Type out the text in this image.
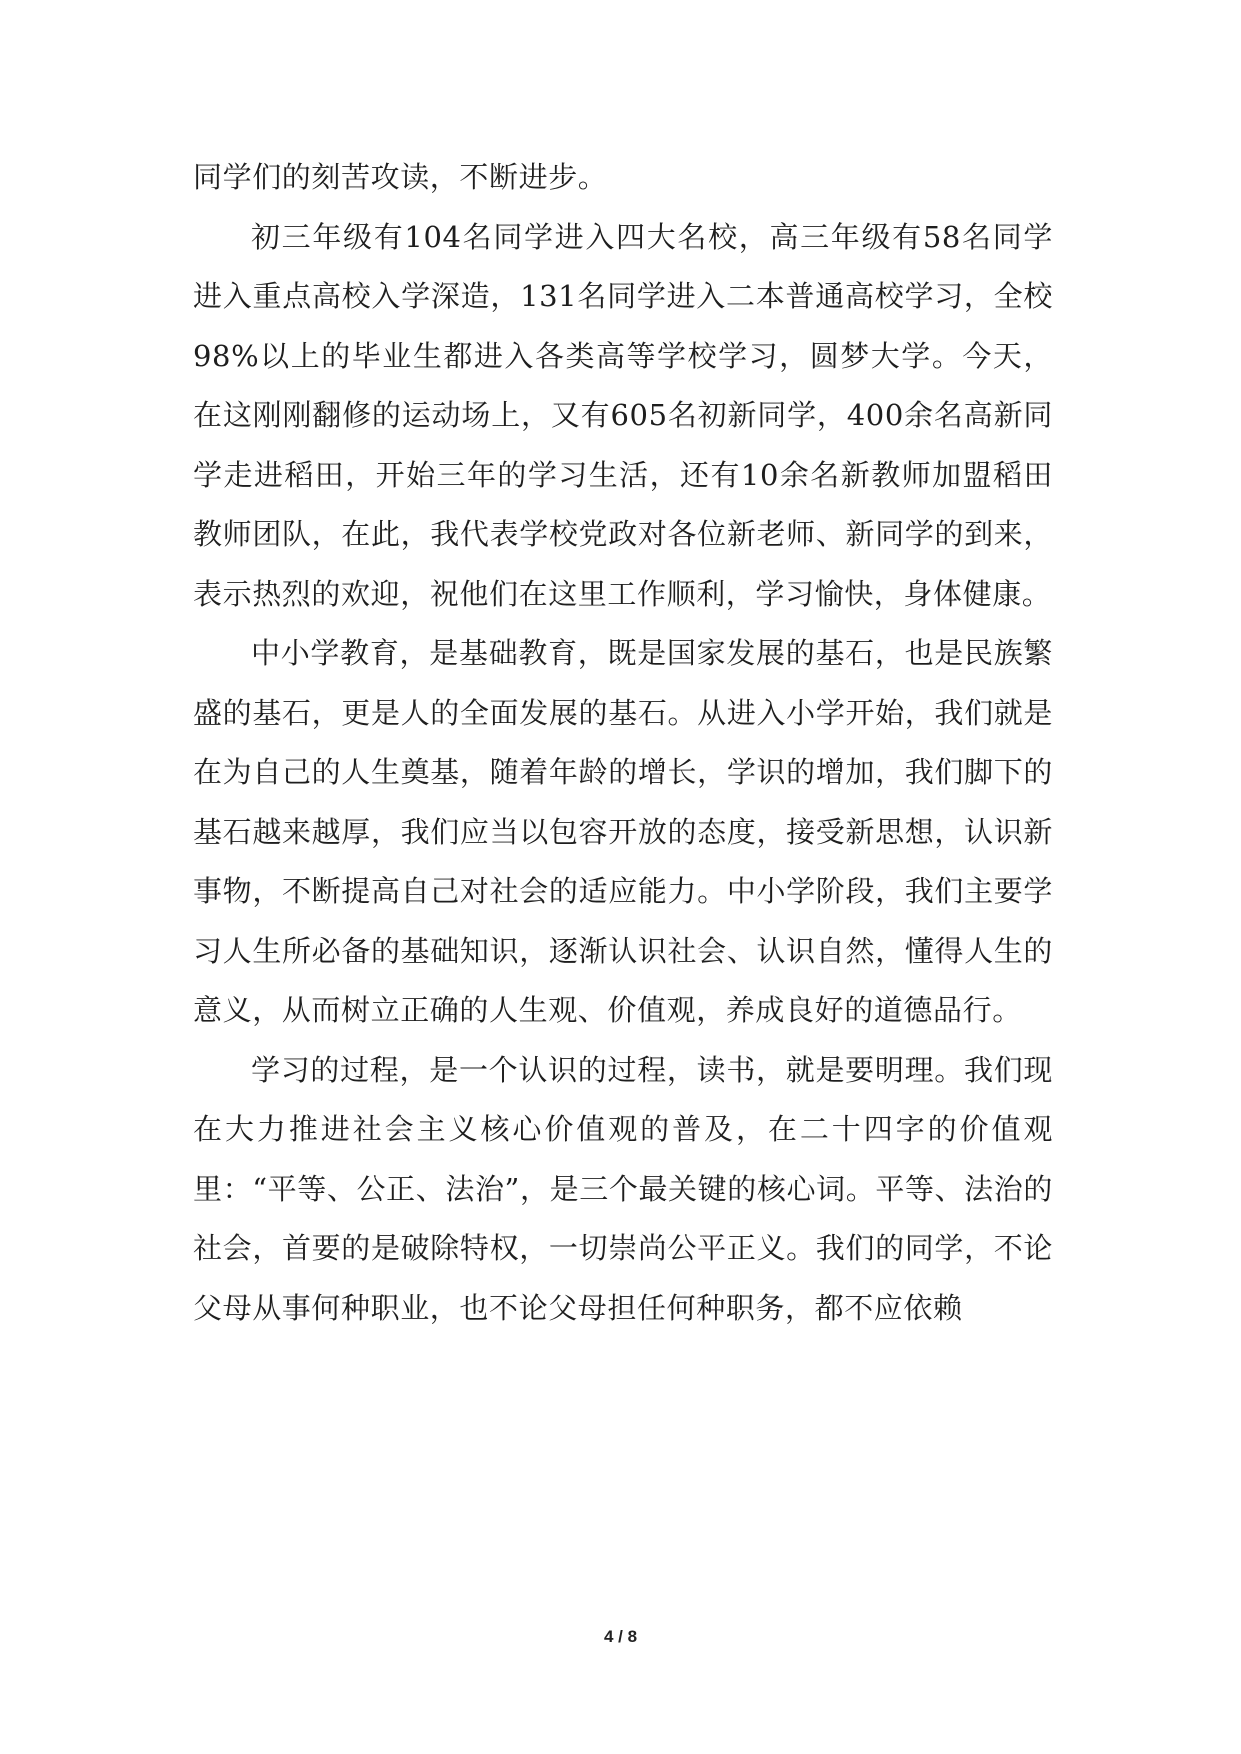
同学们的刻苦攻读，不断进步。

初三年级有104名同学进入四大名校，高三年级有58名同学进入重点高校入学深造，131名同学进入二本普通高校学习，全校98%以上的毕业生都进入各类高等学校学习，圆梦大学。今天，在这刚刚翻修的运动场上，又有605名初新同学，400余名高新同学走进稻田，开始三年的学习生活，还有10余名新教师加盟稻田教师团队，在此，我代表学校党政对各位新老师、新同学的到来，表示热烈的欢迎，祝他们在这里工作顺利，学习愉快，身体健康。

中小学教育，是基础教育，既是国家发展的基石，也是民族繁盛的基石，更是人的全面发展的基石。从进入小学开始，我们就是在为自己的人生奠基，随着年龄的增长，学识的增加，我们脚下的基石越来越厚，我们应当以包容开放的态度，接受新思想，认识新事物，不断提高自己对社会的适应能力。中小学阶段，我们主要学习人生所必备的基础知识，逐渐认识社会、认识自然，懂得人生的意义，从而树立正确的人生观、价值观，养成良好的道德品行。

学习的过程，是一个认识的过程，读书，就是要明理。我们现在大力推进社会主义核心价值观的普及，在二十四字的价值观里：“平等、公正、法治”，是三个最关键的核心词。平等、法治的社会，首要的是破除特权，一切崇尚公平正义。我们的同学，不论父母从事何种职业，也不论父母担任何种职务，都不应依赖

4 / 8
